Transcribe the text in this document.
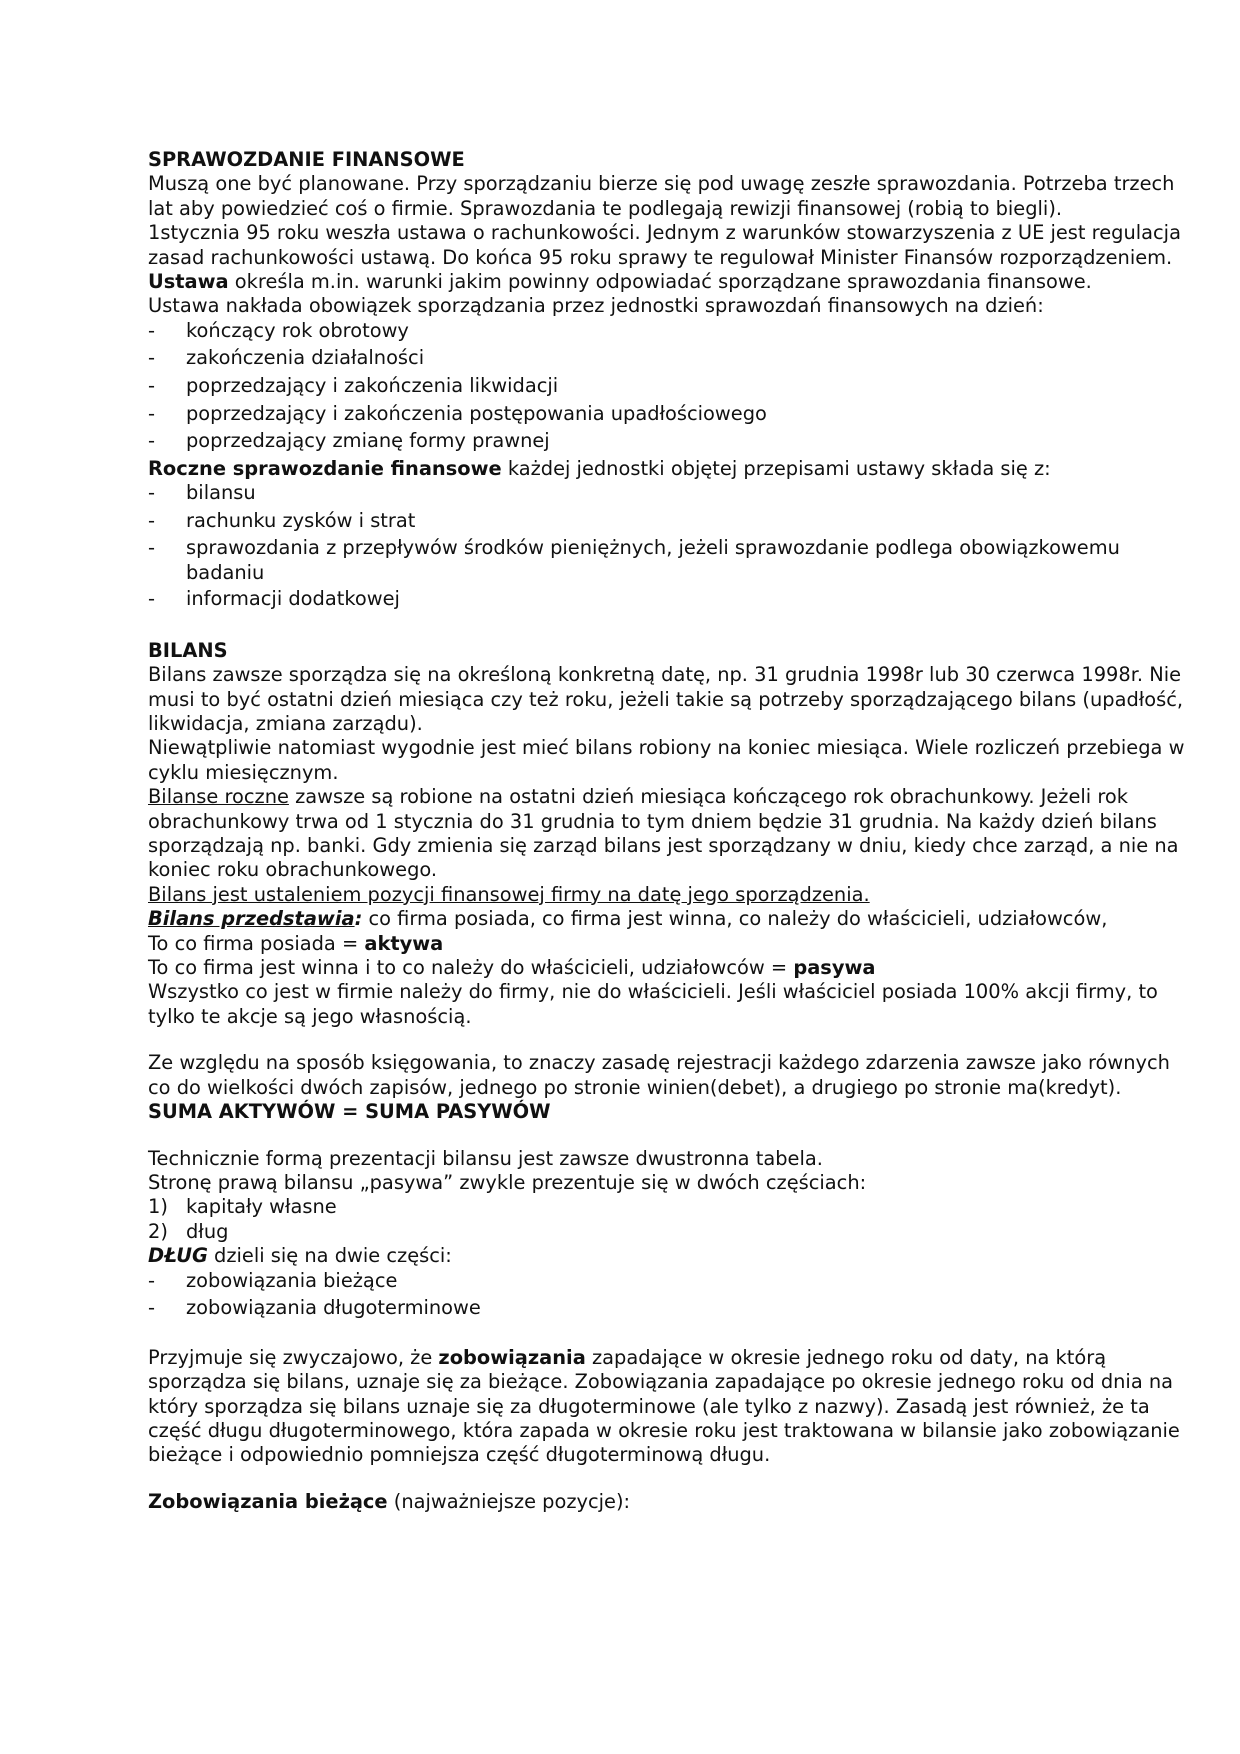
SPRAWOZDANIE FINANSOWE

Muszą one być planowane. Przy sporządzaniu bierze się pod uwagę zeszłe sprawozdania. Potrzeba trzech lat aby powiedzieć coś o firmie. Sprawozdania te podlegają rewizji finansowej (robią to biegli).

1stycznia 95 roku weszła ustawa o rachunkowości. Jednym z warunków stowarzyszenia z UE jest regulacja zasad rachunkowości ustawą. Do końca 95 roku sprawy te regulował Minister Finansów rozporządzeniem.

Ustawa określa m.in. warunki jakim powinny odpowiadać sporządzane sprawozdania finansowe.

Ustawa nakłada obowiązek sporządzania przez jednostki sprawozdań finansowych na dzień:

- kończący rok obrotowy
- zakończenia działalności
- poprzedzający i zakończenia likwidacji
- poprzedzający i zakończenia postępowania upadłościowego
- poprzedzający zmianę formy prawnej

Roczne sprawozdanie finansowe każdej jednostki objętej przepisami ustawy składa się z:

- bilansu
- rachunku zysków i strat
- sprawozdania z przepływów środków pieniężnych, jeżeli sprawozdanie podlega obowiązkowemu badaniu
- informacji dodatkowej

BILANS

Bilans zawsze sporządza się na określoną konkretną datę, np. 31 grudnia 1998r lub 30 czerwca 1998r. Nie musi to być ostatni dzień miesiąca czy też roku, jeżeli takie są potrzeby sporządzającego bilans (upadłość, likwidacja, zmiana zarządu).

Niewątpliwie natomiast wygodnie jest mieć bilans robiony na koniec miesiąca. Wiele rozliczeń przebiega w cyklu miesięcznym.

Bilanse roczne zawsze są robione na ostatni dzień miesiąca kończącego rok obrachunkowy. Jeżeli rok obrachunkowy trwa od 1 stycznia do 31 grudnia to tym dniem będzie 31 grudnia. Na każdy dzień bilans sporządzają np. banki. Gdy zmienia się zarząd bilans jest sporządzany w dniu, kiedy chce zarząd, a nie na koniec roku obrachunkowego.

Bilans jest ustaleniem pozycji finansowej firmy na datę jego sporządzenia.

Bilans przedstawia: co firma posiada, co firma jest winna, co należy do właścicieli, udziałowców,

To co firma posiada = aktywa

To co firma jest winna i to co należy do właścicieli, udziałowców = pasywa

Wszystko co jest w firmie należy do firmy, nie do właścicieli. Jeśli właściciel posiada 100% akcji firmy, to tylko te akcje są jego własnością.

Ze względu na sposób księgowania, to znaczy zasadę rejestracji każdego zdarzenia zawsze jako równych co do wielkości dwóch zapisów, jednego po stronie winien(debet), a drugiego po stronie ma(kredyt).

SUMA AKTYWÓW = SUMA PASYWÓW

Technicznie formą prezentacji bilansu jest zawsze dwustronna tabela.

Stronę prawą bilansu „pasywa” zwykle prezentuje się w dwóch częściach:

1) kapitały własne
2) dług

DŁUG dzieli się na dwie części:

- zobowiązania bieżące
- zobowiązania długoterminowe

Przyjmuje się zwyczajowo, że zobowiązania zapadające w okresie jednego roku od daty, na którą sporządza się bilans, uznaje się za bieżące. Zobowiązania zapadające po okresie jednego roku od dnia na który sporządza się bilans uznaje się za długoterminowe (ale tylko z nazwy). Zasadą jest również, że ta część długu długoterminowego, która zapada w okresie roku jest traktowana w bilansie jako zobowiązanie bieżące i odpowiednio pomniejsza część długoterminową długu.

Zobowiązania bieżące (najważniejsze pozycje):
